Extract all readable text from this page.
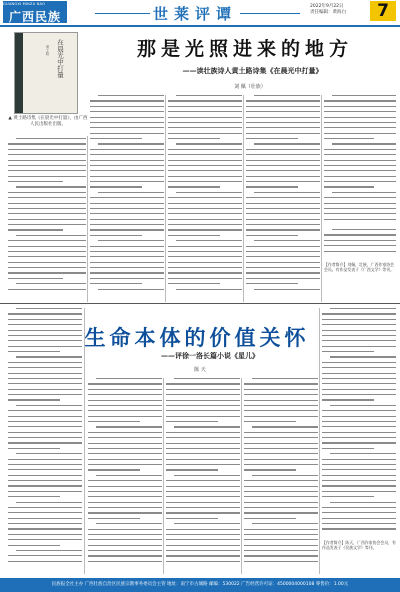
GUANGXI MINZU BAO
广西民族	世莱评谭	2022年9月22日
责任编辑：黄海白	7
在晨光中打量
黄土路
▲ 黄土路诗集《在晨光中打量》，由广西人民出版社出版。
那是光照进来的地方
——读壮族诗人黄土路诗集《在晨光中打量》
刘 佩（壮族）
【作者简介】刘佩，壮族，广西作家协会会员。有作品发表于《广西文学》等刊。
生命本体的价值关怀
——评徐一洛长篇小说《星儿》
陈 天
【作者简介】陈天，广西作家协会会员，有作品发表于《民族文学》等刊。
民族报全社主办 广西壮族自治区民族宗教事务委员会主管 地址：南宁市古城路 邮编：530022 广告经营许可证：4500004000108 零售价：1.00元
